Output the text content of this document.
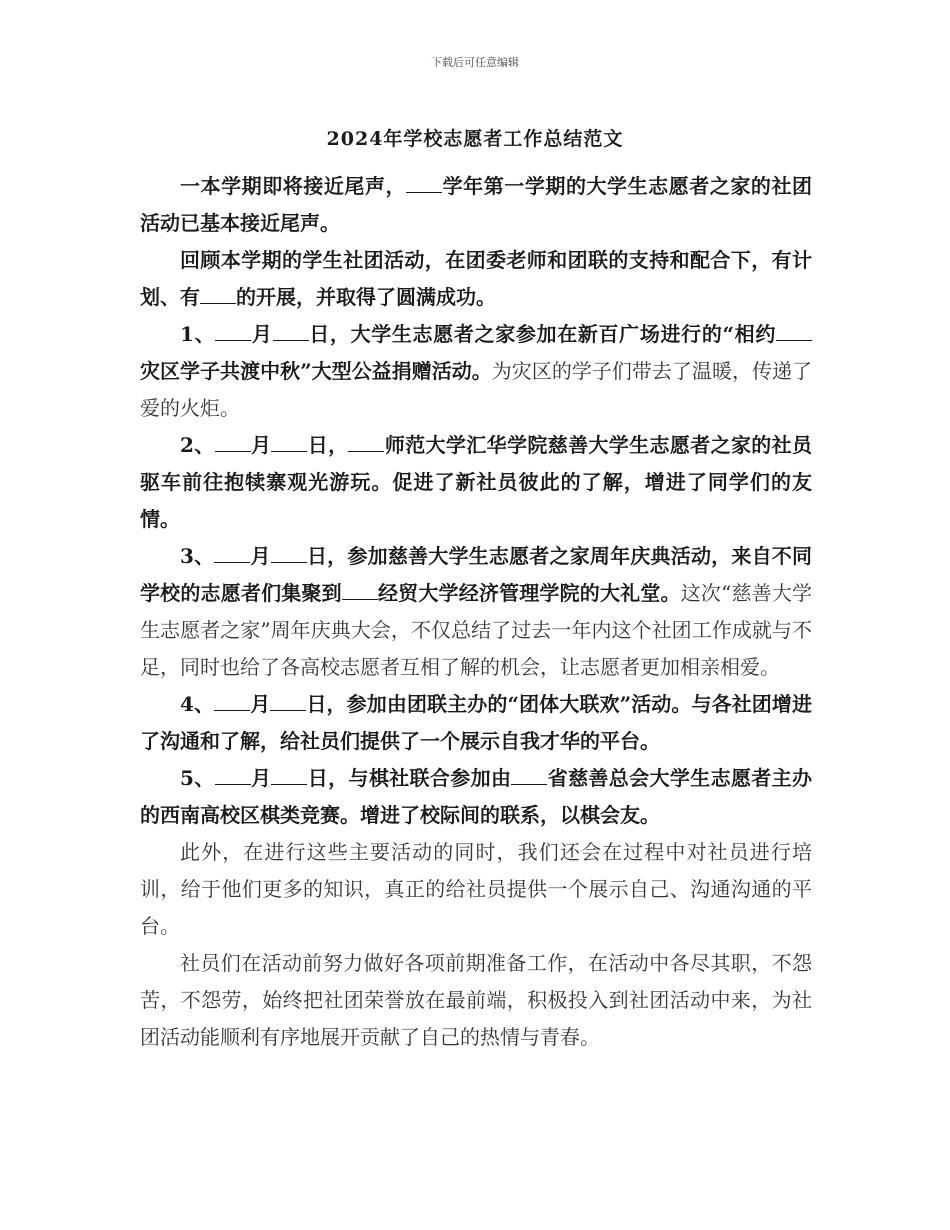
下载后可任意编辑
2024年学校志愿者工作总结范文

一本学期即将接近尾声， 学年第一学期的大学生志愿者之家的社团活动已基本接近尾声。

回顾本学期的学生社团活动，在团委老师和团联的支持和配合下，有计划、有 的开展，并取得了圆满成功。

1、 月 日，大学生志愿者之家参加在新百广场进行的“相约灾区学子共渡中秋”大型公益捐赠活动。为灾区的学子们带去了温暖，传递了爱的火炬。

2、 月 日， 师范大学汇华学院慈善大学生志愿者之家的社员驱车前往抱犊寨观光游玩。促进了新社员彼此的了解，增进了同学们的友情。

3、 月 日，参加慈善大学生志愿者之家周年庆典活动，来自不同学校的志愿者们集聚到 经贸大学经济管理学院的大礼堂。这次“慈善大学生志愿者之家”周年庆典大会，不仅总结了过去一年内这个社团工作成就与不足，同时也给了各高校志愿者互相了解的机会，让志愿者更加相亲相爱。

4、 月 日，参加由团联主办的“团体大联欢”活动。与各社团增进了沟通和了解，给社员们提供了一个展示自我才华的平台。

5、 月 日，与棋社联合参加由 省慈善总会大学生志愿者主办的西南高校区棋类竞赛。增进了校际间的联系，以棋会友。

此外，在进行这些主要活动的同时，我们还会在过程中对社员进行培训，给于他们更多的知识，真正的给社员提供一个展示自己、沟通沟通的平台。

社员们在活动前努力做好各项前期准备工作，在活动中各尽其职，不怨苦，不怨劳，始终把社团荣誉放在最前端，积极投入到社团活动中来，为社团活动能顺利有序地展开贡献了自己的热情与青春。
